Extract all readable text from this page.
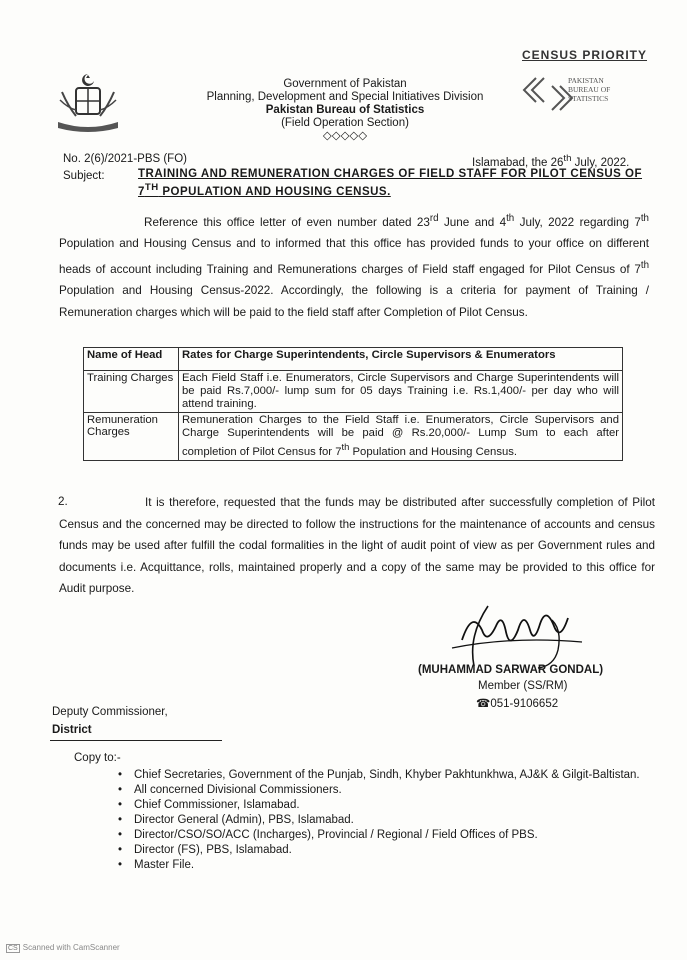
CENSUS PRIORITY
Government of Pakistan
Planning, Development and Special Initiatives Division
Pakistan Bureau of Statistics
(Field Operation Section)
◇◇◇◇◇
PAKISTAN
BUREAU OF
STATISTICS
No. 2(6)/2021-PBS (FO)	Islamabad, the 26th July, 2022.
Subject:	TRAINING AND REMUNERATION CHARGES OF FIELD STAFF FOR PILOT CENSUS OF 7TH POPULATION AND HOUSING CENSUS.
Reference this office letter of even number dated 23rd June and 4th July, 2022 regarding 7th Population and Housing Census and to informed that this office has provided funds to your office on different heads of account including Training and Remunerations charges of Field staff engaged for Pilot Census of 7th Population and Housing Census-2022. Accordingly, the following is a criteria for payment of Training / Remuneration charges which will be paid to the field staff after Completion of Pilot Census.
Name of Head	Rates for Charge Superintendents, Circle Supervisors & Enumerators
Training Charges	Each Field Staff i.e. Enumerators, Circle Supervisors and Charge Superintendents will be paid Rs.7,000/- lump sum for 05 days Training i.e. Rs.1,400/- per day who will attend training.
Remuneration Charges	Remuneration Charges to the Field Staff i.e. Enumerators, Circle Supervisors and Charge Superintendents will be paid @ Rs.20,000/- Lump Sum to each after completion of Pilot Census for 7th Population and Housing Census.
2.	It is therefore, requested that the funds may be distributed after successfully completion of Pilot Census and the concerned may be directed to follow the instructions for the maintenance of accounts and census funds may be used after fulfill the codal formalities in the light of audit point of view as per Government rules and documents i.e. Acquittance, rolls, maintained properly and a copy of the same may be provided to this office for Audit purpose.
(MUHAMMAD SARWAR GONDAL)
Member (SS/RM)
☎051-9106652
Deputy Commissioner,
District
Copy to:-
• Chief Secretaries, Government of the Punjab, Sindh, Khyber Pakhtunkhwa, AJ&K & Gilgit-Baltistan.
• All concerned Divisional Commissioners.
• Chief Commissioner, Islamabad.
• Director General (Admin), PBS, Islamabad.
• Director/CSO/SO/ACC (Incharges), Provincial / Regional / Field Offices of PBS.
• Director (FS), PBS, Islamabad.
• Master File.
CS Scanned with CamScanner
